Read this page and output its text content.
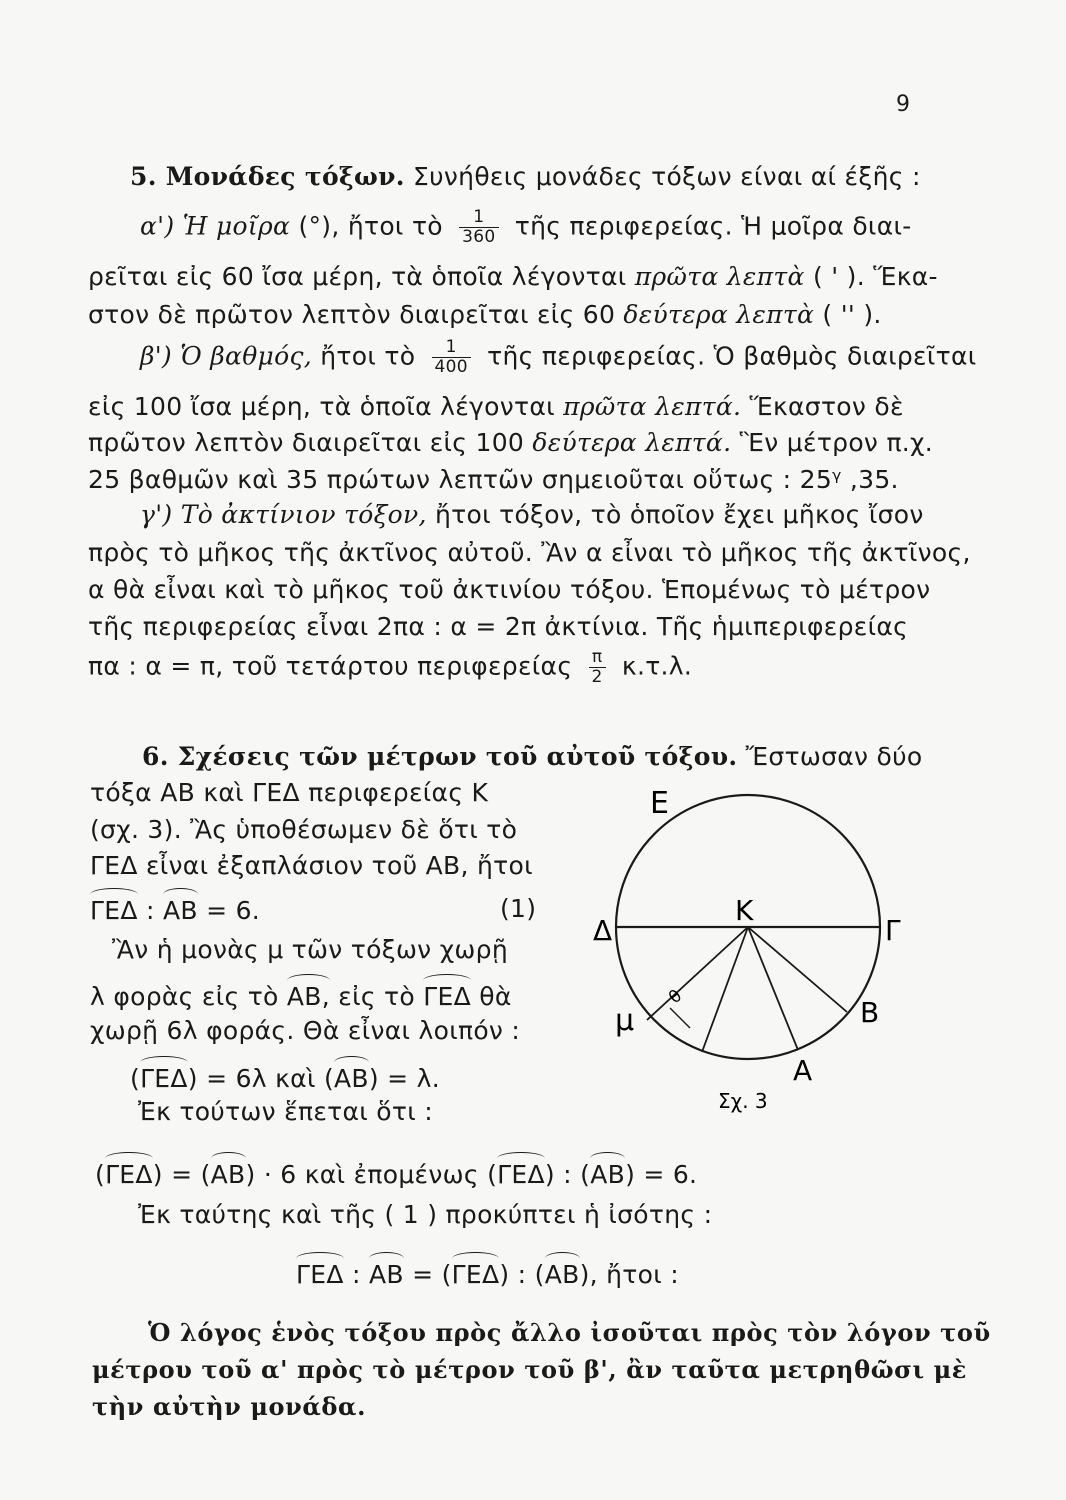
9
5. Μονάδες τόξων. Συνήθεις μονάδες τόξων είναι αί έξῆς :
α') Ἡ μοῖρα (°), ἤτοι τὸ $\frac{1}{360}$ τῆς περιφερείας. Ἡ μοῖρα διαι-
ρεῖται εἰς 60 ἴσα μέρη, τὰ ὁποῖα λέγονται πρῶτα λεπτὰ ( ' ). Ἕκα-
στον δὲ πρῶτον λεπτὸν διαιρεῖται εἰς 60 δεύτερα λεπτὰ ( '' ).
β') Ὁ βαθμός, ἤτοι τὸ $\frac{1}{400}$ τῆς περιφερείας. Ὁ βαθμὸς διαιρεῖται
εἰς 100 ἴσα μέρη, τὰ ὁποῖα λέγονται πρῶτα λεπτά. Ἕκαστον δὲ
πρῶτον λεπτὸν διαιρεῖται εἰς 100 δεύτερα λεπτά. Ἓν μέτρον π.χ.
25 βαθμῶν καὶ 35 πρώτων λεπτῶν σημειοῦται οὕτως : 25ᵞ ,35.
γ') Τὸ ἀκτίνιον τόξον, ἤτοι τόξον, τὸ ὁποῖον ἔχει μῆκος ἴσον
πρὸς τὸ μῆκος τῆς ἀκτῖνος αὐτοῦ. Ἂν α εἶναι τὸ μῆκος τῆς ἀκτῖνος,
α θὰ εἶναι καὶ τὸ μῆκος τοῦ ἀκτινίου τόξου. Ἑπομένως τὸ μέτρον
τῆς περιφερείας εἶναι 2πα : α = 2π ἀκτίνια. Τῆς ἡμιπεριφερείας
πα : α = π, τοῦ τετάρτου περιφερείας $\frac{\pi}{2} \kappa.\tau.\lambda$.
6. Σχέσεις τῶν μέτρων τοῦ αὐτοῦ τόξου. Ἔστωσαν δύο
τόξα ΑΒ καὶ ΓΕΔ περιφερείας Κ
(σχ. 3). Ἂς ὑποθέσωμεν δὲ ὅτι τὸ
ΓΕΔ εἶναι ἐξαπλάσιον τοῦ ΑΒ, ἤτοι
ΓΕΔ : ΑΒ = 6.	(1)
Ἂν ἡ μονὰς μ τῶν τόξων χωρῇ
λ φορὰς εἰς τὸ ΑΒ, εἰς τὸ ΓΕΔ θὰ
χωρῇ 6λ φοράς. Θὰ εἶναι λοιπόν :
(ΓΕΔ) = 6λ καὶ (ΑΒ) = λ.
Ἐκ τούτων ἕπεται ὅτι :
(ΓΕΔ) = (ΑΒ) · 6 καὶ ἐπομένως (ΓΕΔ) : (ΑΒ) = 6.
Ἐκ ταύτης καὶ τῆς ( 1 ) προκύπτει ἡ ἰσότης :
ΓΕΔ : ΑΒ = (ΓΕΔ) : (ΑΒ), ἤτοι :
Ὁ λόγος ἑνὸς τόξου πρὸς ἄλλο ἰσοῦται πρὸς τὸν λόγον τοῦ
μέτρου τοῦ α' πρὸς τὸ μέτρον τοῦ β', ἂν ταῦτα μετρηθῶσι μὲ
τὴν αὐτὴν μονάδα.
Ε
Κ
Δ	Γ
Β
Α
μ
θ
Σχ. 3
